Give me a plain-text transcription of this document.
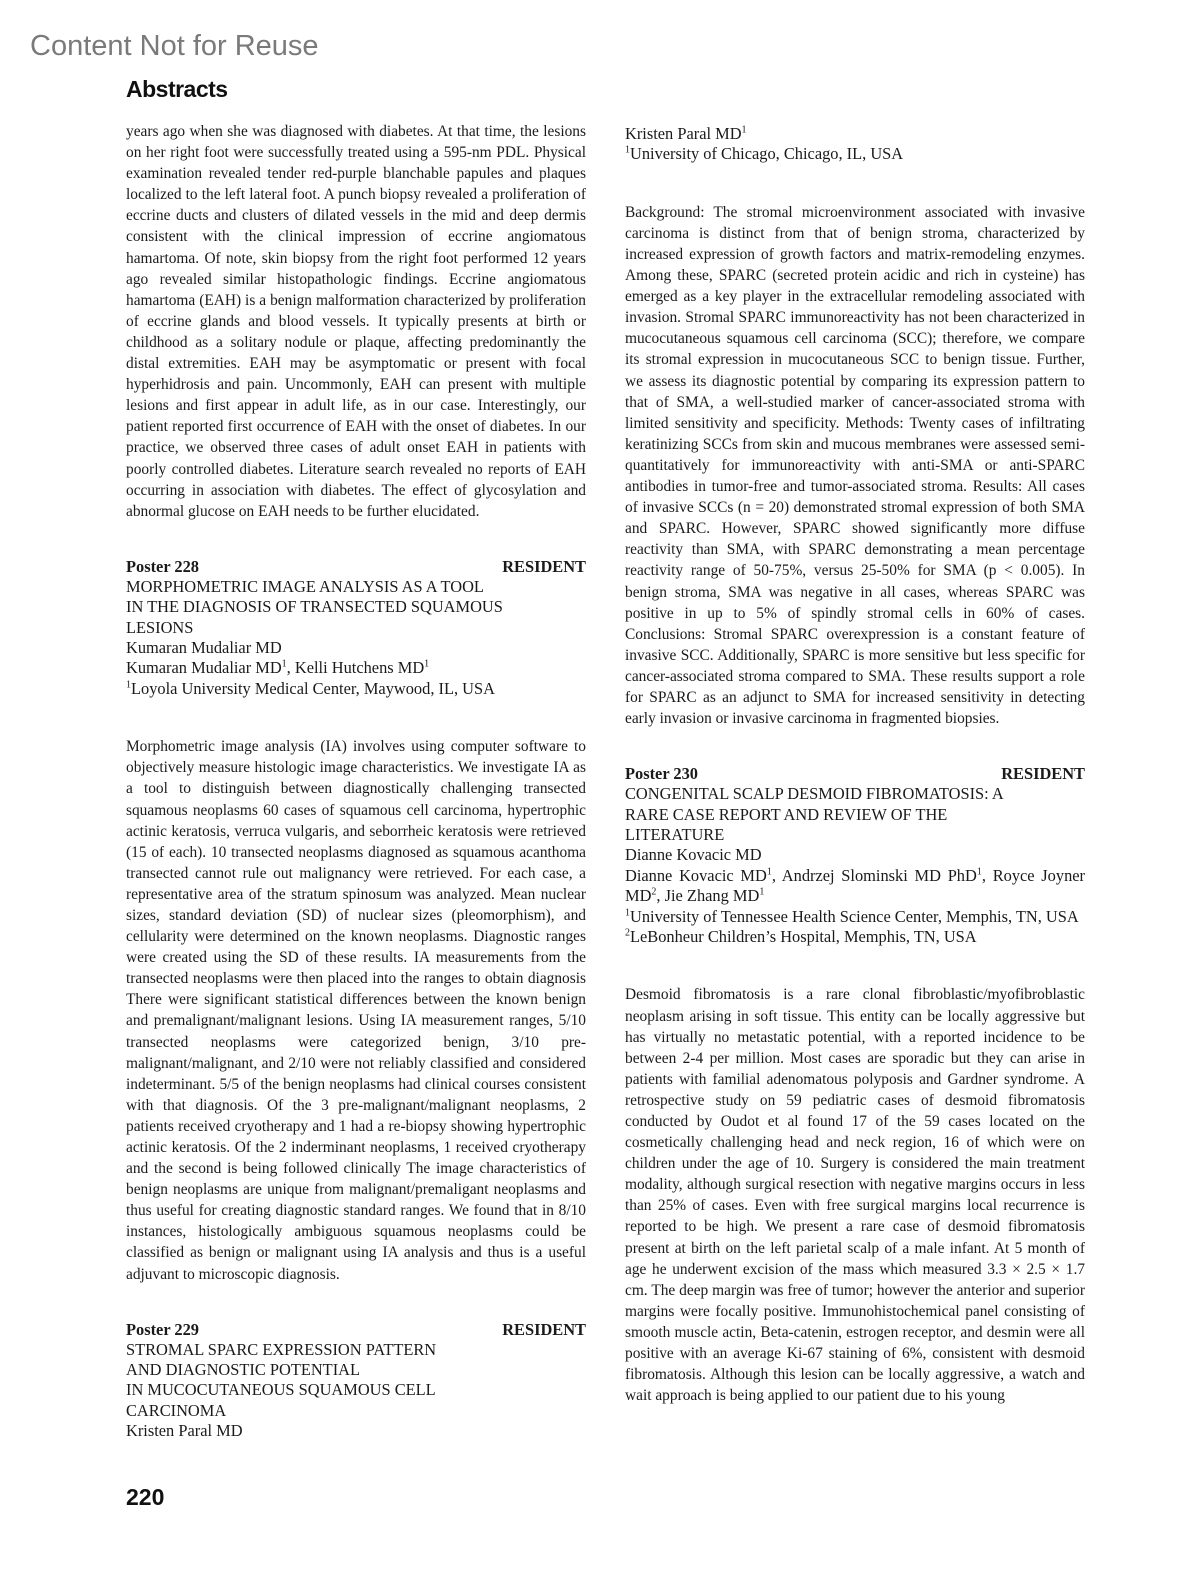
Content Not for Reuse
Abstracts

years ago when she was diagnosed with diabetes. At that time, the lesions on her right foot were successfully treated using a 595-nm PDL. Physical examination revealed tender red-purple blanchable papules and plaques localized to the left lateral foot. A punch biopsy revealed a proliferation of eccrine ducts and clusters of dilated vessels in the mid and deep dermis consistent with the clinical impression of eccrine angiomatous hamartoma. Of note, skin biopsy from the right foot performed 12 years ago revealed similar histopathologic findings. Eccrine angiomatous hamartoma (EAH) is a benign malformation characterized by proliferation of eccrine glands and blood vessels. It typically presents at birth or childhood as a solitary nodule or plaque, affecting predominantly the distal extremities. EAH may be asymptomatic or present with focal hyperhidrosis and pain. Uncommonly, EAH can present with multiple lesions and first appear in adult life, as in our case. Interestingly, our patient reported first occurrence of EAH with the onset of diabetes. In our practice, we observed three cases of adult onset EAH in patients with poorly controlled diabetes. Literature search revealed no reports of EAH occurring in association with diabetes. The effect of glycosylation and abnormal glucose on EAH needs to be further elucidated.

Poster 228	RESIDENT
MORPHOMETRIC IMAGE ANALYSIS AS A TOOL
IN THE DIAGNOSIS OF TRANSECTED SQUAMOUS
LESIONS
Kumaran Mudaliar MD
Kumaran Mudaliar $MD^1$, Kelli Hutchens $MD^1$
$^1$Loyola University Medical Center, Maywood, IL, USA

Morphometric image analysis (IA) involves using computer software to objectively measure histologic image characteristics. We investigate IA as a tool to distinguish between diagnostically challenging transected squamous neoplasms 60 cases of squamous cell carcinoma, hypertrophic actinic keratosis, verruca vulgaris, and seborrheic keratosis were retrieved (15 of each). 10 transected neoplasms diagnosed as squamous acanthoma transected cannot rule out malignancy were retrieved. For each case, a representative area of the stratum spinosum was analyzed. Mean nuclear sizes, standard deviation (SD) of nuclear sizes (pleomorphism), and cellularity were determined on the known neoplasms. Diagnostic ranges were created using the SD of these results. IA measurements from the transected neoplasms were then placed into the ranges to obtain diagnosis There were significant statistical differences between the known benign and premalignant/malignant lesions. Using IA measurement ranges, 5/10 transected neoplasms were categorized benign, 3/10 pre-malignant/malignant, and 2/10 were not reliably classified and considered indeterminant. 5/5 of the benign neoplasms had clinical courses consistent with that diagnosis. Of the 3 pre-malignant/malignant neoplasms, 2 patients received cryotherapy and 1 had a re-biopsy showing hypertrophic actinic keratosis. Of the 2 inderminant neoplasms, 1 received cryotherapy and the second is being followed clinically The image characteristics of benign neoplasms are unique from malignant/premaligant neoplasms and thus useful for creating diagnostic standard ranges. We found that in 8/10 instances, histologically ambiguous squamous neoplasms could be classified as benign or malignant using IA analysis and thus is a useful adjuvant to microscopic diagnosis.

Poster 229	RESIDENT
STROMAL SPARC EXPRESSION PATTERN
AND DIAGNOSTIC POTENTIAL
IN MUCOCUTANEOUS SQUAMOUS CELL
CARCINOMA
Kristen Paral MD
Kristen Paral $MD^1$
$^1$University of Chicago, Chicago, IL, USA

Background: The stromal microenvironment associated with invasive carcinoma is distinct from that of benign stroma, characterized by increased expression of growth factors and matrix-remodeling enzymes. Among these, SPARC (secreted protein acidic and rich in cysteine) has emerged as a key player in the extracellular remodeling associated with invasion. Stromal SPARC immunoreactivity has not been characterized in mucocutaneous squamous cell carcinoma (SCC); therefore, we compare its stromal expression in mucocutaneous SCC to benign tissue. Further, we assess its diagnostic potential by comparing its expression pattern to that of SMA, a well-studied marker of cancer-associated stroma with limited sensitivity and specificity. Methods: Twenty cases of infiltrating keratinizing SCCs from skin and mucous membranes were assessed semi-quantitatively for immunoreactivity with anti-SMA or anti-SPARC antibodies in tumor-free and tumor-associated stroma. Results: All cases of invasive SCCs (n = 20) demonstrated stromal expression of both SMA and SPARC. However, SPARC showed significantly more diffuse reactivity than SMA, with SPARC demonstrating a mean percentage reactivity range of 50-75%, versus 25-50% for SMA (p < 0.005). In benign stroma, SMA was negative in all cases, whereas SPARC was positive in up to 5% of spindly stromal cells in 60% of cases. Conclusions: Stromal SPARC overexpression is a constant feature of invasive SCC. Additionally, SPARC is more sensitive but less specific for cancer-associated stroma compared to SMA. These results support a role for SPARC as an adjunct to SMA for increased sensitivity in detecting early invasion or invasive carcinoma in fragmented biopsies.

Poster 230	RESIDENT
CONGENITAL SCALP DESMOID FIBROMATOSIS: A
RARE CASE REPORT AND REVIEW OF THE
LITERATURE
Dianne Kovacic MD
Dianne Kovacic $MD^1$, Andrzej Slominski MD PhD$^1$, Royce Joyner $MD^2$, Jie Zhang $MD^1$
$^1$University of Tennessee Health Science Center, Memphis, TN, USA
$^2$LeBonheur Children’s Hospital, Memphis, TN, USA

Desmoid fibromatosis is a rare clonal fibroblastic/myofibroblastic neoplasm arising in soft tissue. This entity can be locally aggressive but has virtually no metastatic potential, with a reported incidence to be between 2-4 per million. Most cases are sporadic but they can arise in patients with familial adenomatous polyposis and Gardner syndrome. A retrospective study on 59 pediatric cases of desmoid fibromatosis conducted by Oudot et al found 17 of the 59 cases located on the cosmetically challenging head and neck region, 16 of which were on children under the age of 10. Surgery is considered the main treatment modality, although surgical resection with negative margins occurs in less than 25% of cases. Even with free surgical margins local recurrence is reported to be high. We present a rare case of desmoid fibromatosis present at birth on the left parietal scalp of a male infant. At 5 month of age he underwent excision of the mass which measured 3.3 × 2.5 × 1.7 cm. The deep margin was free of tumor; however the anterior and superior margins were focally positive. Immunohistochemical panel consisting of smooth muscle actin, Beta-catenin, estrogen receptor, and desmin were all positive with an average Ki-67 staining of 6%, consistent with desmoid fibromatosis. Although this lesion can be locally aggressive, a watch and wait approach is being applied to our patient due to his young

220
